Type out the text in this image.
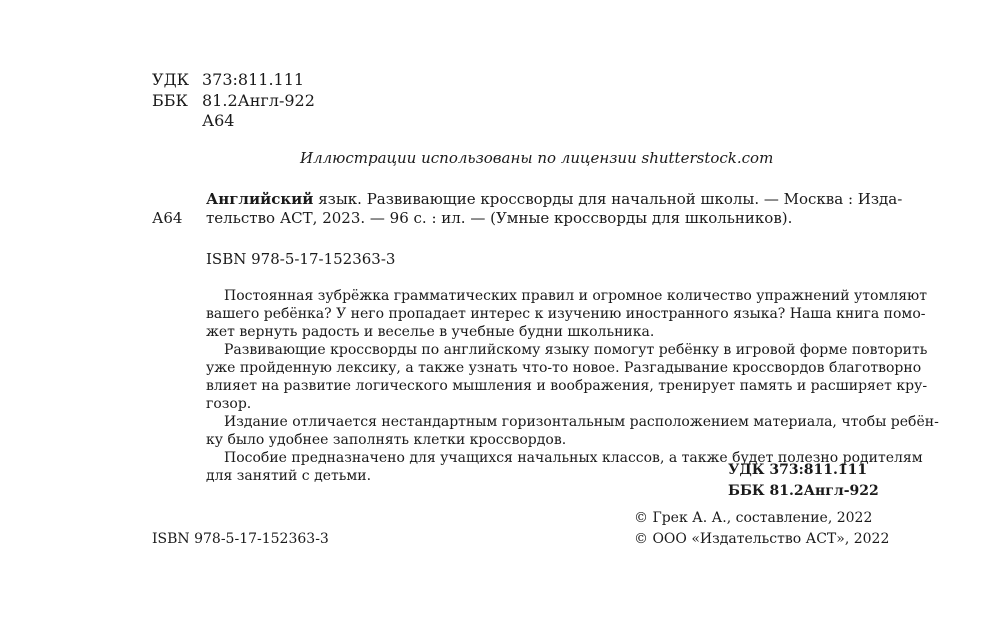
УДК 373:811.111
ББК 81.2Англ-922
А64
Иллюстрации использованы по лицензии shutterstock.com

Английский язык. Развивающие кроссворды для начальной школы. — Москва : Изда-

А64 тельство АСТ, 2023. — 96 с. : ил. — (Умные кроссворды для школьников).

ISBN 978-5-17-152363-3

Постоянная зубрёжка грамматических правил и огромное количество упражнений утомляют

вашего ребёнка? У него пропадает интерес к изучению иностранного языка? Наша книга помо-

жет вернуть радость и веселье в учебные будни школьника.

Развивающие кроссворды по английскому языку помогут ребёнку в игровой форме повторить

уже пройденную лексику, а также узнать что-то новое. Разгадывание кроссвордов благотворно

влияет на развитие логического мышления и воображения, тренирует память и расширяет кру-

гозор.

Издание отличается нестандартным горизонтальным расположением материала, чтобы ребён-

ку было удобнее заполнять клетки кроссвордов.

Пособие предназначено для учащихся начальных классов, а также будет полезно родителям

для занятий с детьми.	УДК 373:811.111
ББК 81.2Англ-922
ISBN 978-5-17-152363-3
© Грек А. А., составление, 2022
© ООО «Издательство АСТ», 2022
